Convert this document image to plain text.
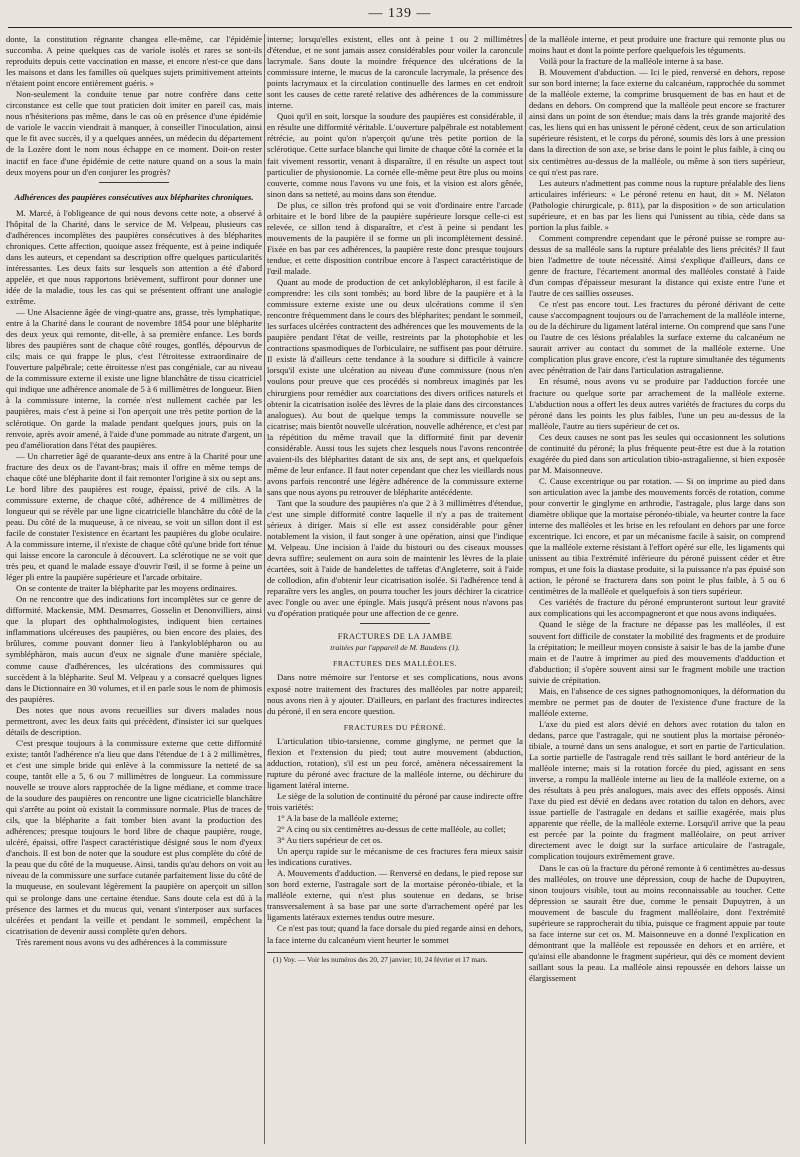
— 139 —

donte, la constitution régnante changea elle-même, car l'épidémie succomba. A peine quelques cas de variole isolés et rares se sont-ils reproduits depuis cette vaccination en masse, et encore n'est-ce que dans les maisons et dans les familles où quelques sujets primitivement atteints n'étaient point encore entièrement guéris. »

Non-seulement la conduite tenue par notre confrère dans cette circonstance est celle que tout praticien doit imiter en pareil cas, mais nous n'hésiterions pas même, dans le cas où en présence d'une épidémie de variole le vaccin viendrait à manquer, à conseiller l'inoculation, ainsi que le fit avec succès, il y a quelques années, un médecin du département de la Lozère dont le nom nous échappe en ce moment. Doit-on rester inactif en face d'une épidémie de cette nature quand on a sous la main deux moyens pour un d'en conjurer les progrès?

Adhérences des paupières consécutives aux blépharites chroniques.

M. Marcé, à l'obligeance de qui nous devons cette note, a observé à l'hôpital de la Charité, dans le service de M. Velpeau, plusieurs cas d'adhérences incomplètes des paupières consécutives à des blépharites chroniques. Cette affection, quoique assez fréquente, est à peine indiquée dans les auteurs, et cependant sa description offre quelques particularités intéressantes. Les deux faits sur lesquels son attention a été d'abord appelée, et que nous rapportons brièvement, suffiront pour donner une idée de la maladie, tous les cas qui se présentent offrant une analogie extrême.

— Une Alsacienne âgée de vingt-quatre ans, grasse, très lymphatique, entre à la Charité dans le courant de novembre 1854 pour une blépharite des deux yeux qui remonte, dit-elle, à sa première enfance. Les bords libres des paupières sont de chaque côté rouges, gonflés, dépourvus de cils; mais ce qui frappe le plus, c'est l'étroitesse extraordinaire de l'ouverture palpébrale; cette étroitesse n'est pas congéniale, car au niveau de la commissure externe il existe une ligne blanchâtre de tissu cicatriciel qui indique une adhérence anomale de 5 à 6 millimètres de longueur. Bien à la commissure interne, la cornée n'est nullement cachée par les paupières, mais c'est à peine si l'on aperçoit une très petite portion de la sclérotique. On garde la malade pendant quelques jours, puis on la renvoie, après avoir amené, à l'aide d'une pommade au nitrate d'argent, un peu d'amélioration dans l'état des paupières.

— Un charretier âgé de quarante-deux ans entre à la Charité pour une fracture des deux os de l'avant-bras; mais il offre en même temps de chaque côté une blépharite dont il fait remonter l'origine à six ou sept ans. Le bord libre des paupières est rouge, épaissi, privé de cils. A la commissure externe, de chaque côté, adhérence de 4 millimètres de longueur qui se révèle par une ligne cicatricielle blanchâtre du côté de la peau. Du côté de la muqueuse, à ce niveau, se voit un sillon dont il est facile de constater l'existence en écartant les paupières du globe oculaire. A la commissure interne, il n'existe de chaque côté qu'une bride fort ténue qui laisse encore la caroncule à découvert. La sclérotique ne se voit que très peu, et quand le malade essaye d'ouvrir l'œil, il se forme à peine un léger pli entre la paupière supérieure et l'arcade orbitaire.

On se contente de traiter la blépharite par les moyens ordinaires.

On ne rencontre que des indications fort incomplètes sur ce genre de difformité. Mackensie, MM. Desmarres, Gosselin et Denonvilliers, ainsi que la plupart des ophthalmologistes, indiquent bien certaines inflammations ulcéreuses des paupières, ou bien encore des plaies, des brûlures, comme pouvant donner lieu à l'ankyloblépharon ou au symbléphàron, mais aucun d'eux ne signale d'une manière spéciale, comme cause d'adhérences, les ulcérations des commissures qui succèdent à la blépharite. Seul M. Velpeau y a consacré quelques lignes dans le Dictionnaire en 30 volumes, et il en parle sous le nom de phimosis des paupières.

Des notes que nous avons recueillies sur divers malades nous permettront, avec les deux faits qui précèdent, d'insister ici sur quelques détails de description.

C'est presque toujours à la commissure externe que cette difformité existe; tantôt l'adhérence n'a lieu que dans l'étendue de 1 à 2 millimètres, et c'est une simple bride qui enlève à la commissure la netteté de sa coupe, tantôt elle a 5, 6 ou 7 millimètres de longueur. La commissure nouvelle se trouve alors rapprochée de la ligne médiane, et comme trace de la soudure des paupières on rencontre une ligne cicatricielle blanchâtre qui s'arrête au point où existait la commissure normale. Plus de traces de cils, que la blépharite a fait tomber bien avant la production des adhérences; presque toujours le bord libre de chaque paupière, rouge, ulcéré, épaissi, offre l'aspect caractéristique désigné sous le nom d'yeux d'anchois. Il est bon de noter que la soudure est plus complète du côté de la peau que du côté de la muqueuse. Ainsi, tandis qu'au dehors on voit au niveau de la commissure une surface cutanée parfaitement lisse du côté de la muqueuse, en soulevant légèrement la paupière on aperçoit un sillon qui se prolonge dans une certaine étendue. Sans doute cela est dû à la présence des larmes et du mucus qui, venant s'interposer aux surfaces ulcérées et pendant la veille et pendant le sommeil, empêchent la cicatrisation de devenir aussi complète qu'en dehors.

Très rarement nous avons vu des adhérences à la commissure

interne; lorsqu'elles existent, elles ont à peine 1 ou 2 millimètres d'étendue, et ne sont jamais assez considérables pour voiler la caroncule lacrymale. Sans doute la moindre fréquence des ulcérations de la commissure interne, le mucus de la caroncule lacrymale, la présence des points lacrymaux et la circulation continuelle des larmes en cet endroit sont les causes de cette rareté relative des adhérences de la commissure interne.

Quoi qu'il en soit, lorsque la soudure des paupières est considérable, il en résulte une difformité véritable. L'ouverture palpébrale est notablement rétrécie, au point qu'on n'aperçoit qu'une très petite portion de la sclérotique. Cette surface blanche qui limite de chaque côté la cornée et la fait vivement ressortir, venant à disparaître, il en résulte un aspect tout particulier de physionomie. La cornée elle-même peut être plus ou moins couverte, comme nous l'avons vu une fois, et la vision est alors gênée, sinon dans sa netteté, au moins dans son étendue.

De plus, ce sillon très profond qui se voit d'ordinaire entre l'arcade orbitaire et le bord libre de la paupière supérieure lorsque celle-ci est relevée, ce sillon tend à disparaître, et c'est à peine si pendant les mouvements de la paupière il se forme un pli incomplètement dessiné. Fixée en bas par ces adhérences, la paupière reste donc presque toujours tendue, et cette disposition contribue encore à l'aspect caractéristique de l'œil malade.

Quant au mode de production de cet ankyloblépharon, il est facile à comprendre: les cils sont tombés; au bord libre de la paupière et à la commissure externe existe une ou deux ulcérations comme il s'en rencontre fréquemment dans le cours des blépharites; pendant le sommeil, les surfaces ulcérées contractent des adhérences que les mouvements de la paupière pendant l'état de veille, restreints par la photophobie et les contractions spasmodiques de l'orbiculaire, ne suffisent pas pour détruire. Il existe là d'ailleurs cette tendance à la soudure si difficile à vaincre lorsqu'il existe une ulcération au niveau d'une commissure (nous n'en voulons pour preuve que ces procédés si nombreux imaginés par les chirurgiens pour remédier aux coarctations des divers orifices naturels et obtenir la cicatrisation isolée des lèvres de la plaie dans des circonstances analogues). Au bout de quelque temps la commissure nouvelle se cicatrise; mais bientôt nouvelle ulcération, nouvelle adhérence, et c'est par la répétition du même travail que la difformité finit par devenir considérable. Aussi tous les sujets chez lesquels nous l'avons rencontrée avaient-ils des blépharites datant de six ans, de sept ans, et quelquefois même de leur enfance. Il faut noter cependant que chez les vieillards nous avons parfois rencontré une légère adhérence de la commissure externe sans que nous ayons pu retrouver de blépharite antécédente.

Tant que la soudure des paupières n'a que 2 à 3 millimètres d'étendue, c'est une simple difformité contre laquelle il n'y a pas de traitement sérieux à diriger. Mais si elle est assez considérable pour gêner notablement la vision, il faut songer à une opération, ainsi que l'indique M. Velpeau. Une incision à l'aide du bistouri ou des ciseaux mousses devra suffire; seulement on aura soin de maintenir les lèvres de la plaie écartées, soit à l'aide de bandelettes de taffetas d'Angleterre, soit à l'aide de collodion, afin d'obtenir leur cicatrisation isolée. Si l'adhérence tend à reparaître vers les angles, on pourra toucher les jours déchirer la cicatrice avec l'ongle ou avec une épingle. Mais jusqu'à présent nous n'avons pas vu d'opération pratiquée pour une affection de ce genre.

FRACTURES DE LA JAMBE
traitées par l'appareil de M. Baudens (1).
FRACTURES DES MALLÉOLES.

Dans notre mémoire sur l'entorse et ses complications, nous avons exposé notre traitement des fractures des malléoles par notre appareil; nous avons rien à y ajouter. D'ailleurs, en parlant des fractures indirectes du péroné, il en sera encore question.

FRACTURES DU PÉRONÉ.

L'articulation tibio-tarsienne, comme ginglyme, ne permet que la flexion et l'extension du pied; tout autre mouvement (abduction, adduction, rotation), s'il est un peu forcé, amènera nécessairement la rupture du péroné avec fracture de la malléole interne, ou déchirure du ligament latéral interne.

Le siège de la solution de continuité du péroné par cause indirecte offre trois variétés:

1° A la base de la malléole externe;

2° A cinq ou six centimètres au-dessus de cette malléole, au collet;

3° Au tiers supérieur de cet os.

Un aperçu rapide sur le mécanisme de ces fractures fera mieux saisir les indications curatives.

A. Mouvements d'adduction. — Renversé en dedans, le pied repose sur son bord externe, l'astragale sort de la mortaise péronéo-tibiale, et la malléole externe, qui n'est plus soutenue en dedans, se brise transversalement à sa base par une sorte d'arrachement opéré par les ligaments latéraux externes tendus outre mesure.

Ce n'est pas tout; quand la face dorsale du pied regarde ainsi en dehors, la face interne du calcanéum vient heurter le sommet

(1) Voy. — Voir les numéros des 20, 27 janvier; 10, 24 février et 17 mars.

de la malléole interne, et peut produire une fracture qui remonte plus ou moins haut et dont la pointe perfore quelquefois les téguments.

Voilà pour la fracture de la malléole interne à sa base.

B. Mouvement d'abduction. — Ici le pied, renversé en dehors, repose sur son bord interne; la face externe du calcanéum, rapprochée du sommet de la malléole externe, la comprime brusquement de bas en haut et de dedans en dehors. On comprend que la malléole peut encore se fracturer ainsi dans un point de son étendue; mais dans la très grande majorité des cas, les liens qui en bas unissent le péroné cèdent, ceux de son articulation supérieure résistent, et le corps du péroné, soumis dès lors à une pression dans la direction de son axe, se brise dans le point le plus faible, à cinq ou six centimètres au-dessus de la malléole, ou même à son tiers supérieur, ce qui n'est pas rare.

Les auteurs n'admettent pas comme nous la rupture préalable des liens articulaires inférieurs: « Le péroné retenu en haut, dit » M. Nélaton (Pathologie chirurgicale, p. 811), par la disposition » de son articulation supérieure, et en bas par les liens qui l'unissent au tibia, cède dans sa portion la plus faible. »

Comment comprendre cependant que le péroné puisse se rompre au-dessus de sa malléole sans la rupture préalable des liens précités? Il faut bien l'admettre de toute nécessité. Ainsi s'explique d'ailleurs, dans ce genre de fracture, l'écartement anormal des malléoles constaté à l'aide d'un compas d'épaisseur mesurant la distance qui existe entre l'une et l'autre de ces saillies osseuses.

Ce n'est pas encore tout. Les fractures du péroné dérivant de cette cause s'accompagnent toujours ou de l'arrachement de la malléole interne, ou de la déchirure du ligament latéral interne. On comprend que sans l'une ou l'autre de ces lésions préalables la surface externe du calcanéum ne saurait arriver au contact du sommet de la malléole externe. Une complication plus grave encore, c'est la rupture simultanée des téguments avec pénétration de l'air dans l'articulation astragalienne.

En résumé, nous avons vu se produire par l'adduction forcée une fracture ou quelque sorte par arrachement de la malléole externe. L'abduction nous a offert les deux autres variétés de fractures du corps du péroné dans les points les plus faibles, l'une un peu au-dessus de la malléole, l'autre au tiers supérieur de cet os.

Ces deux causes ne sont pas les seules qui occasionnent les solutions de continuité du péroné; la plus fréquente peut-être est due à la rotation exagérée du pied dans son articulation tibio-astragalienne, si bien exposée par M. Maisonneuve.

C. Cause excentrique ou par rotation. — Si on imprime au pied dans son articulation avec la jambe des mouvements forcés de rotation, comme pour convertir le ginglyme en arthrodie, l'astragale, plus large dans son diamètre oblique que la mortaise péronéo-tibiale, va heurter contre la face interne des malléoles et les brise en les refoulant en dehors par une force excentrique. Ici encore, et par un mécanisme facile à saisir, on comprend que la malléole externe résistant à l'effort opéré sur elle, les ligaments qui unissent au tibia l'extrémité inférieure du péroné puissent céder et être rompus, et une fois la diastase produite, si la puissance n'a pas épuisé son action, le péroné se fracturera dans son point le plus faible, à 5 ou 6 centimètres de la malléole et quelquefois à son tiers supérieur.

Ces variétés de fracture du péroné emprunteront surtout leur gravité aux complications qui les accompagneront et que nous avons indiquées.

Quand le siège de la fracture ne dépasse pas les malléoles, il est souvent fort difficile de constater la mobilité des fragments et de produire la crépitation; le meilleur moyen consiste à saisir le bas de la jambe d'une main et de l'autre à imprimer au pied des mouvements d'adduction et d'abduction; il s'opère souvent ainsi sur le fragment mobile une traction suivie de crépitation.

Mais, en l'absence de ces signes pathognomoniques, la déformation du membre ne permet pas de douter de l'existence d'une fracture de la malléole externe.

L'axe du pied est alors dévié en dehors avec rotation du talon en dedans, parce que l'astragale, qui ne soutient plus la mortaise péronéo-tibiale, a tourné dans un sens analogue, et sort en partie de l'articulation. La sortie partielle de l'astragale rend très saillant le bord antérieur de la malléole interne; mais si la rotation forcée du pied, agissant en sens inverse, a rompu la malléole interne au lieu de la malléole externe, on a des résultats à peu près analogues, mais avec des effets opposés. Ainsi l'axe du pied est dévié en dedans avec rotation du talon en dehors, avec issue partielle de l'astragale en dedans et saillie exagérée, mais plus apparente que réelle, de la malléole externe. Lorsqu'il arrive que la peau est percée par la pointe du fragment malléolaire, on peut arriver directement avec le doigt sur la surface articulaire de l'astragale, complication toujours extrêmement grave.

Dans le cas où la fracture du péroné remonte à 6 centimètres au-dessus des malléoles, on trouve une dépression, coup de hache de Dupuytren, sinon toujours visible, tout au moins reconnaissable au toucher. Cette dépression se saurait être due, comme le pensait Dupuytren, à un mouvement de bascule du fragment malléolaire, dont l'extrémité supérieure se rapprocherait du tibia, puisque ce fragment appuie par toute sa face interne sur cet os. M. Maisonneuve en a donné l'explication en démontrant que la malléole est repoussée en dehors et en arrière, et qu'ainsi elle abandonne le fragment supérieur, qui dès ce moment devient saillant sous la peau. La malléole ainsi repoussée en dehors laisse un élargissement
